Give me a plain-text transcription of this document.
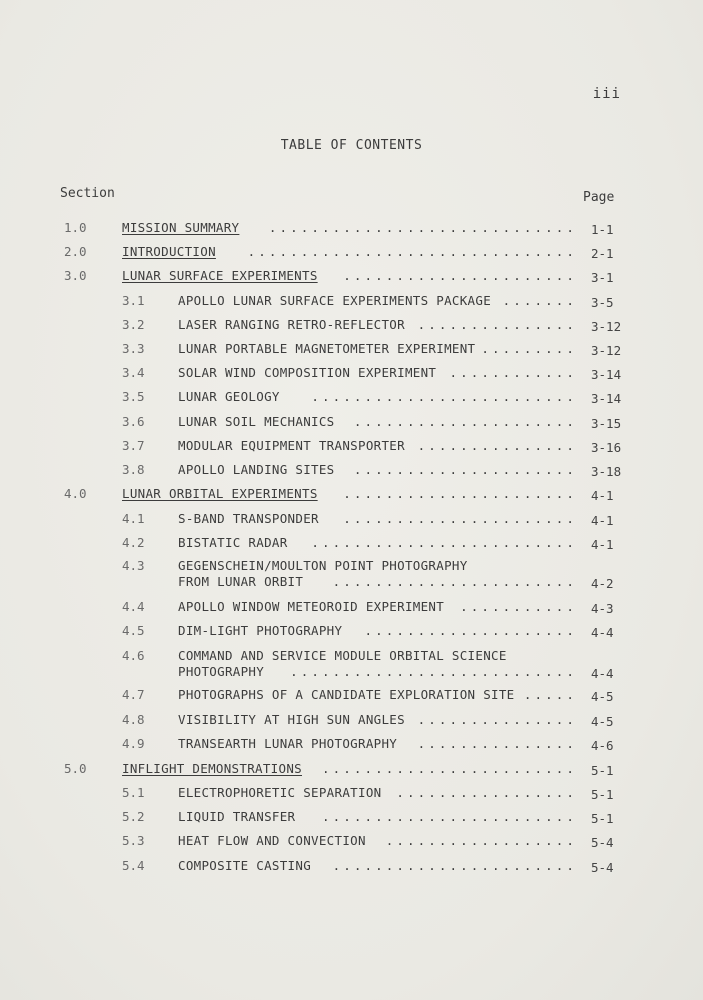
iii
TABLE OF CONTENTS
Section	Page
1.0	MISSION SUMMARY ............................. 1-1
2.0	INTRODUCTION	............................... 2-1
3.0	LUNAR SURFACE EXPERIMENTS ...................... 3-1
3.1	APOLLO LUNAR SURFACE EXPERIMENTS PACKAGE ....... 3-5
3.2	LASER RANGING RETRO-REFLECTOR ............... 3-12
3.3	LUNAR PORTABLE MAGNETOMETER EXPERIMENT ......... 3-12
3.4	SOLAR WIND COMPOSITION EXPERIMENT ............ 3-14
3.5	LUNAR GEOLOGY	......................... 3-14
3.6	LUNAR SOIL MECHANICS ..................... 3-15
3.7	MODULAR EQUIPMENT TRANSPORTER ............... 3-16
3.8	APOLLO LANDING SITES ..................... 3-18
4.0	LUNAR ORBITAL EXPERIMENTS ...................... 4-1
4.1	S-BAND TRANSPONDER ...................... 4-1
4.2	BISTATIC RADAR ......................... 4-1
4.3	GEGENSCHEIN/MOULTON POINT PHOTOGRAPHY
FROM LUNAR ORBIT ....................... 4-2
4.4	APOLLO WINDOW METEOROID EXPERIMENT ........... 4-3
4.5	DIM-LIGHT PHOTOGRAPHY .................... 4-4
4.6	COMMAND AND SERVICE MODULE ORBITAL SCIENCE
PHOTOGRAPHY ........................... 4-4
4.7	PHOTOGRAPHS OF A CANDIDATE EXPLORATION SITE ..... 4-5
4.8	VISIBILITY AT HIGH SUN ANGLES ............... 4-5
4.9	TRANSEARTH LUNAR PHOTOGRAPHY ............... 4-6
5.0	INFLIGHT DEMONSTRATIONS ........................ 5-1
5.1	ELECTROPHORETIC SEPARATION ................. 5-1
5.2	LIQUID TRANSFER ........................ 5-1
5.3	HEAT FLOW AND CONVECTION .................. 5-4
5.4	COMPOSITE CASTING ....................... 5-4
